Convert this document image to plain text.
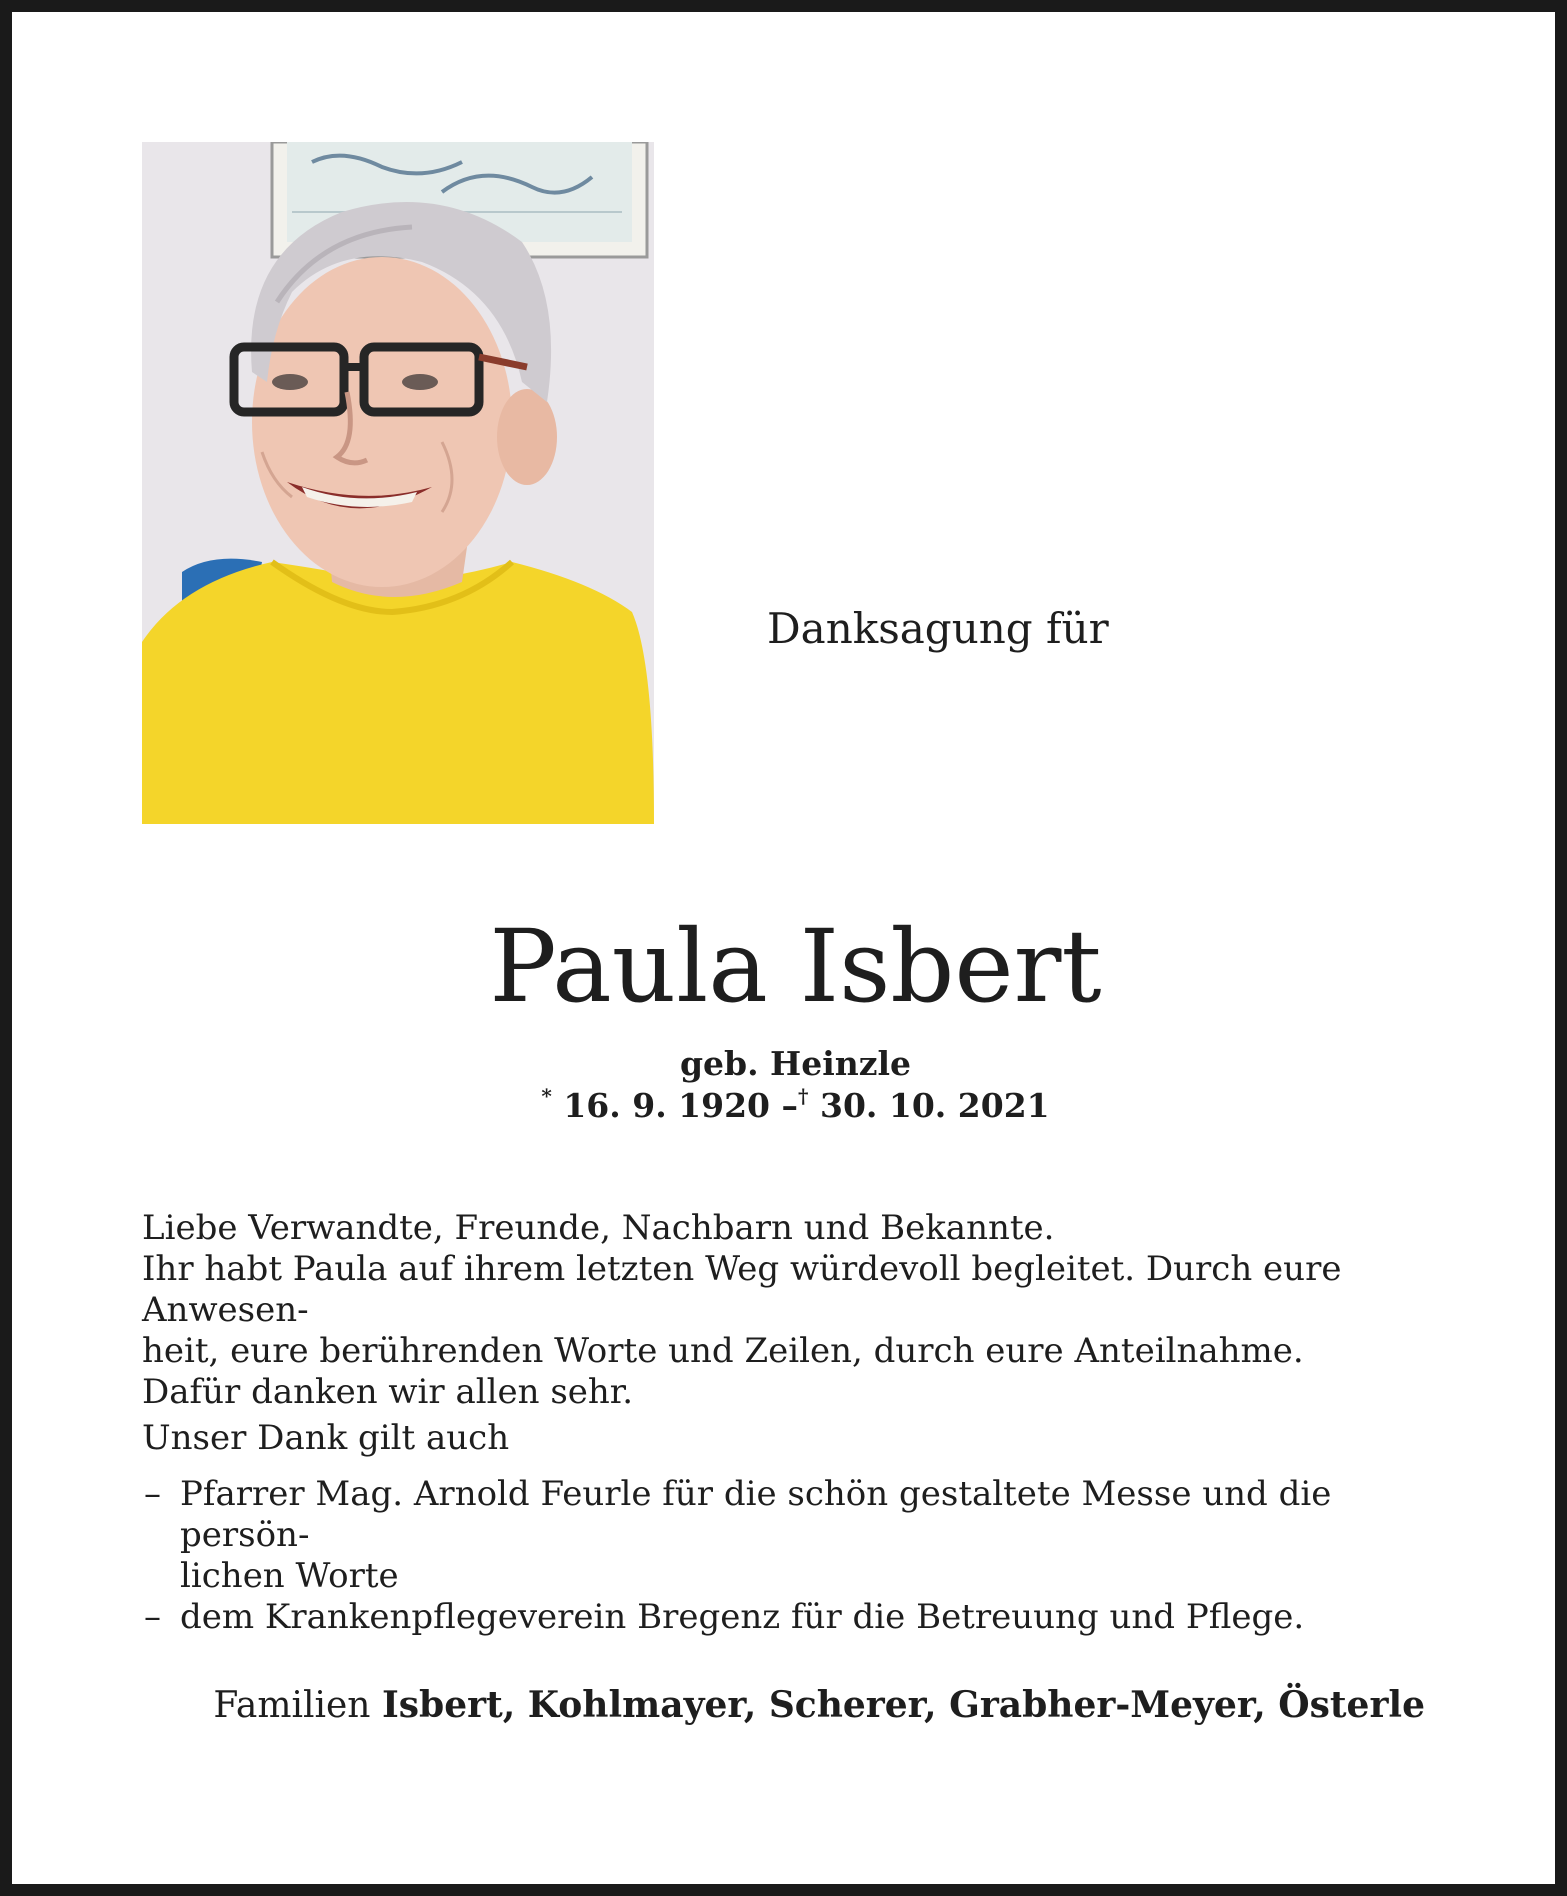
Danksagung für
Paula Isbert
geb. Heinzle
* 16. 9. 1920 –† 30. 10. 2021

Liebe Verwandte, Freunde, Nachbarn und Bekannte.

Ihr habt Paula auf ihrem letzten Weg würdevoll begleitet. Durch eure Anwesen-

heit, eure berührenden Worte und Zeilen, durch eure Anteilnahme.

Dafür danken wir allen sehr.

Unser Dank gilt auch
– Pfarrer Mag. Arnold Feurle für die schön gestaltete Messe und die persön-
lichen Worte
– dem Krankenpflegeverein Bregenz für die Betreuung und Pflege.
Familien Isbert, Kohlmayer, Scherer, Grabher-Meyer, Österle
